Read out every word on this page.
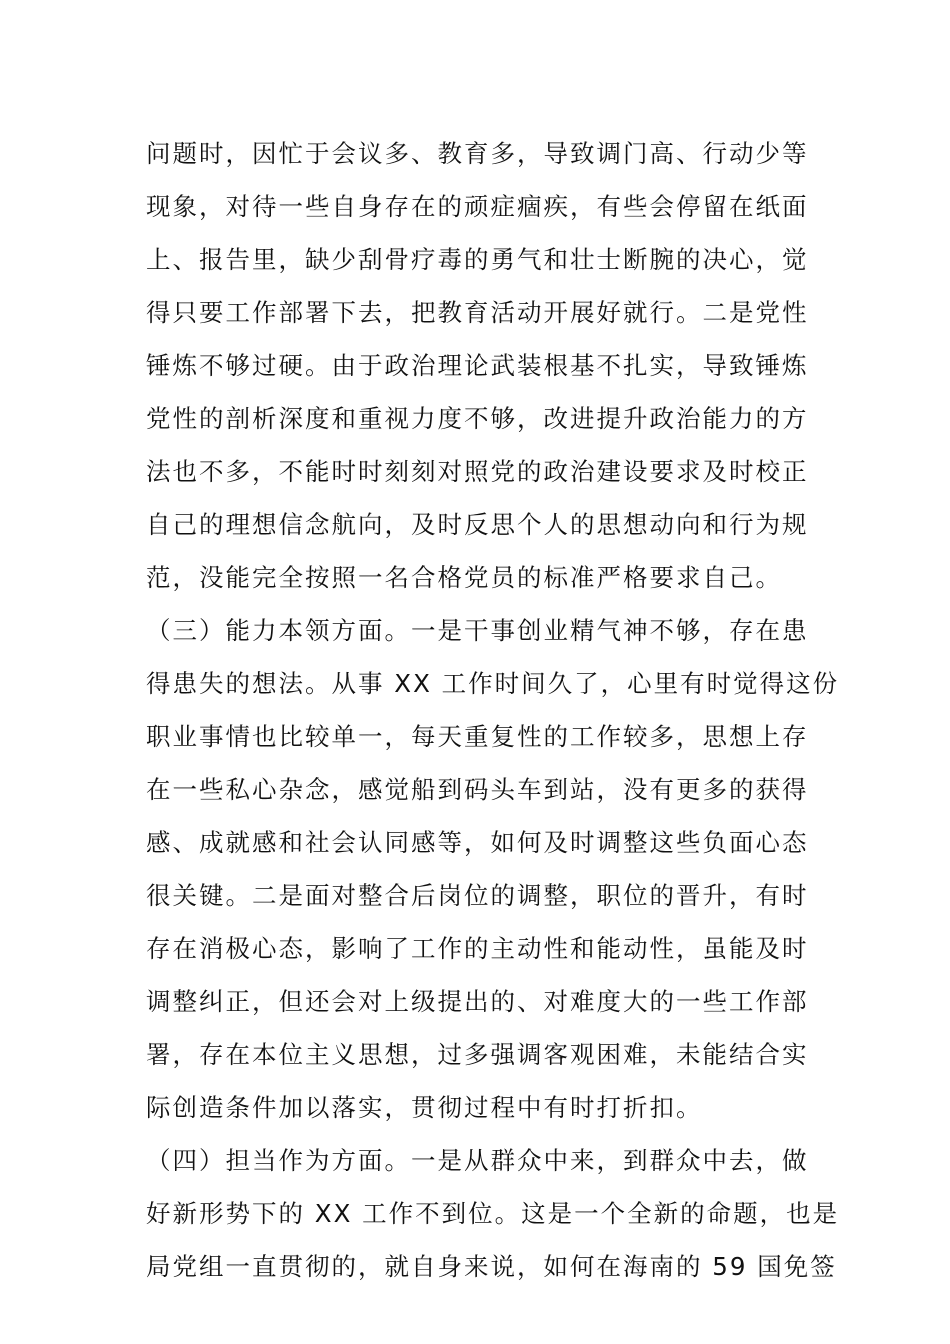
问题时，因忙于会议多、教育多，导致调门高、行动少等
现象，对待一些自身存在的顽症痼疾，有些会停留在纸面
上、报告里，缺少刮骨疗毒的勇气和壮士断腕的决心，觉
得只要工作部署下去，把教育活动开展好就行。二是党性
锤炼不够过硬。由于政治理论武装根基不扎实，导致锤炼
党性的剖析深度和重视力度不够，改进提升政治能力的方
法也不多，不能时时刻刻对照党的政治建设要求及时校正
自己的理想信念航向，及时反思个人的思想动向和行为规
范，没能完全按照一名合格党员的标准严格要求自己。
（三）能力本领方面。一是干事创业精气神不够，存在患
得患失的想法。从事 XX 工作时间久了，心里有时觉得这份
职业事情也比较单一，每天重复性的工作较多，思想上存
在一些私心杂念，感觉船到码头车到站，没有更多的获得
感、成就感和社会认同感等，如何及时调整这些负面心态
很关键。二是面对整合后岗位的调整，职位的晋升，有时
存在消极心态，影响了工作的主动性和能动性，虽能及时
调整纠正，但还会对上级提出的、对难度大的一些工作部
署，存在本位主义思想，过多强调客观困难，未能结合实
际创造条件加以落实，贯彻过程中有时打折扣。
（四）担当作为方面。一是从群众中来，到群众中去，做
好新形势下的 XX 工作不到位。这是一个全新的命题，也是
局党组一直贯彻的，就自身来说，如何在海南的 59 国免签
